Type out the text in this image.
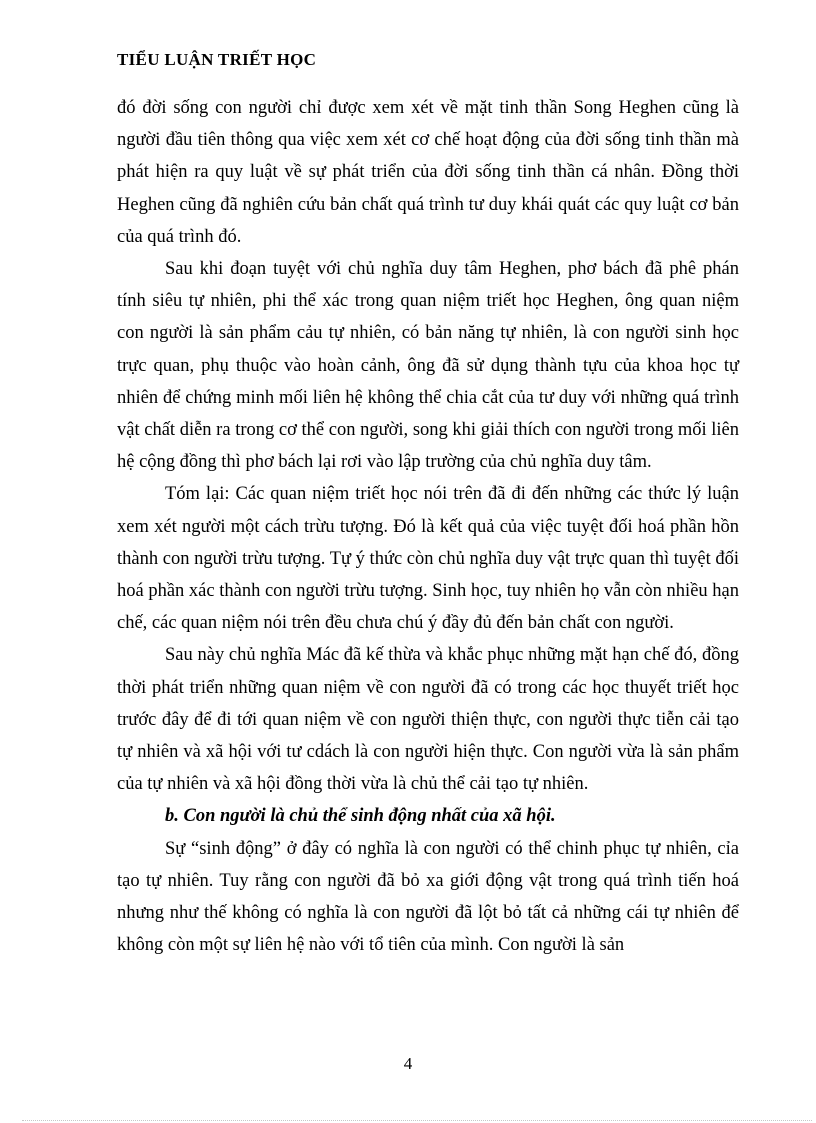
TIỂU LUẬN TRIẾT HỌC

đó đời sống con người chỉ được xem xét về mặt tinh thần Song Heghen cũng là người đầu tiên thông qua việc xem xét cơ chế hoạt động của đời sống tinh thần mà phát hiện ra quy luật về sự phát triển của đời sống tinh thần cá nhân. Đồng thời Heghen cũng đã nghiên cứu bản chất quá trình tư duy khái quát các quy luật cơ bản của quá trình đó.

Sau khi đoạn tuyệt với chủ nghĩa duy tâm Heghen, phơ bách đã phê phán tính siêu tự nhiên, phi thể xác trong quan niệm triết học Heghen, ông quan niệm con người là sản phẩm cảu tự nhiên, có bản năng tự nhiên, là con người sinh học trực quan, phụ thuộc vào hoàn cảnh, ông đã sử dụng thành tựu của khoa học tự nhiên để chứng minh mối liên hệ không thể chia cắt của tư duy với những quá trình vật chất diễn ra trong cơ thể con người, song khi giải thích con người trong mối liên hệ cộng đồng thì phơ bách lại rơi vào lập trường của chủ nghĩa duy tâm.

Tóm lại: Các quan niệm triết học nói trên đã đi đến những các thức lý luận xem xét người một cách trừu tượng. Đó là kết quả của việc tuyệt đối hoá phần hồn thành con người trừu tượng. Tự ý thức còn chủ nghĩa duy vật trực quan thì tuyệt đối hoá phần xác thành con người trừu tượng. Sinh học, tuy nhiên họ vẫn còn nhiều hạn chế, các quan niệm nói trên đều chưa chú ý đầy đủ đến bản chất con người.

Sau này chủ nghĩa Mác đã kế thừa và khắc phục những mặt hạn chế đó, đồng thời phát triển những quan niệm về con người đã có trong các học thuyết triết học trước đây để đi tới quan niệm về con người thiện thực, con người thực tiễn cải tạo tự nhiên và xã hội với tư cdách là con người hiện thực. Con người vừa là sản phẩm của tự nhiên và xã hội đồng thời vừa là chủ thể cải tạo tự nhiên.

b. Con người là chủ thể sinh động nhất của xã hội.

Sự “sinh động” ở đây có nghĩa là con người có thể chinh phục tự nhiên, cỉa tạo tự nhiên. Tuy rằng con người đã bỏ xa giới động vật trong quá trình tiến hoá nhưng như thế không có nghĩa là con người đã lột bỏ tất cả những cái tự nhiên để không còn một sự liên hệ nào với tổ tiên của mình. Con người là sản

4
